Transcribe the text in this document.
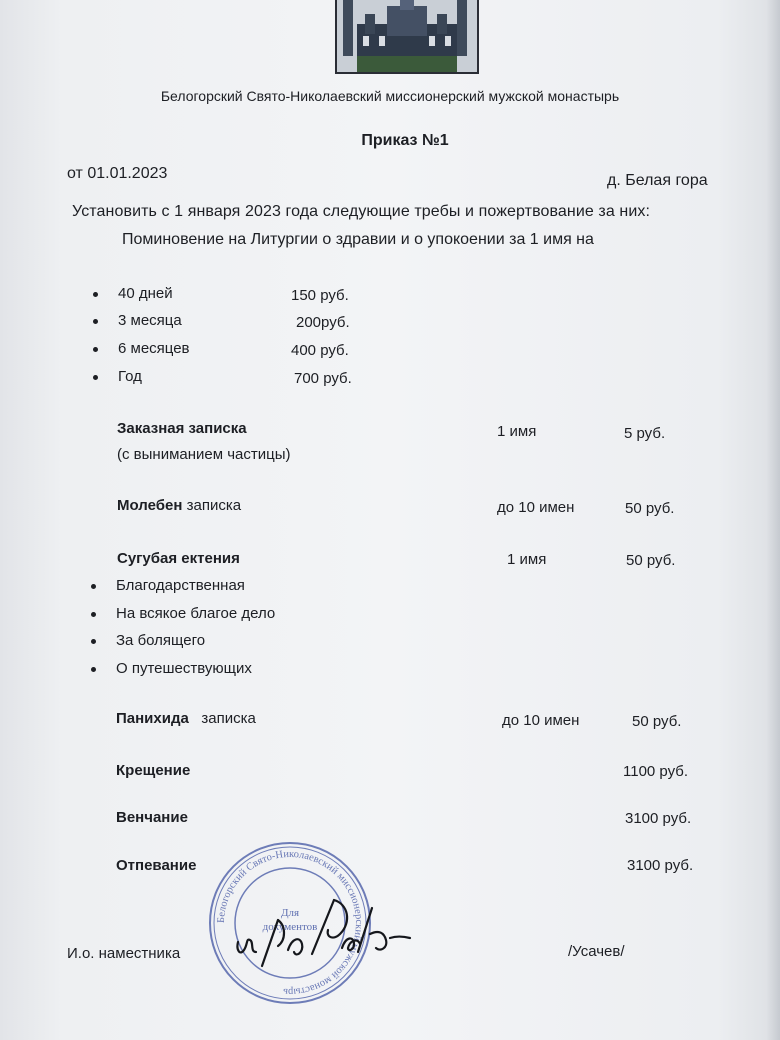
Белогорский Свято-Николаевский миссионерский мужской монастырь
Приказ №1
от 01.01.2023	д. Белая гора
Установить с 1 января 2023 года следующие требы и пожертвование за них:
Поминовение на Литургии о здравии и о упокоении за 1 имя на
40 дней	150 руб.
3 месяца	200руб.
6 месяцев	400 руб.
Год	700 руб.
Заказная записка
(с выниманием частицы)
1 имя	5 руб.
Молебен записка	до 10 имен	50 руб.
Сугубая ектения	1 имя	50 руб.
Благодарственная
На всякое благое дело
За болящего
О путешествующих
Панихида   записка	до 10 имен	50 руб.
Крещение	1100 руб.
Венчание	3100 руб.
Отпевание	3100 руб.
Белогорский Свято-Николаевский миссионерский мужской монастырь
Для
документов
И.о. наместника	/Усачев/
